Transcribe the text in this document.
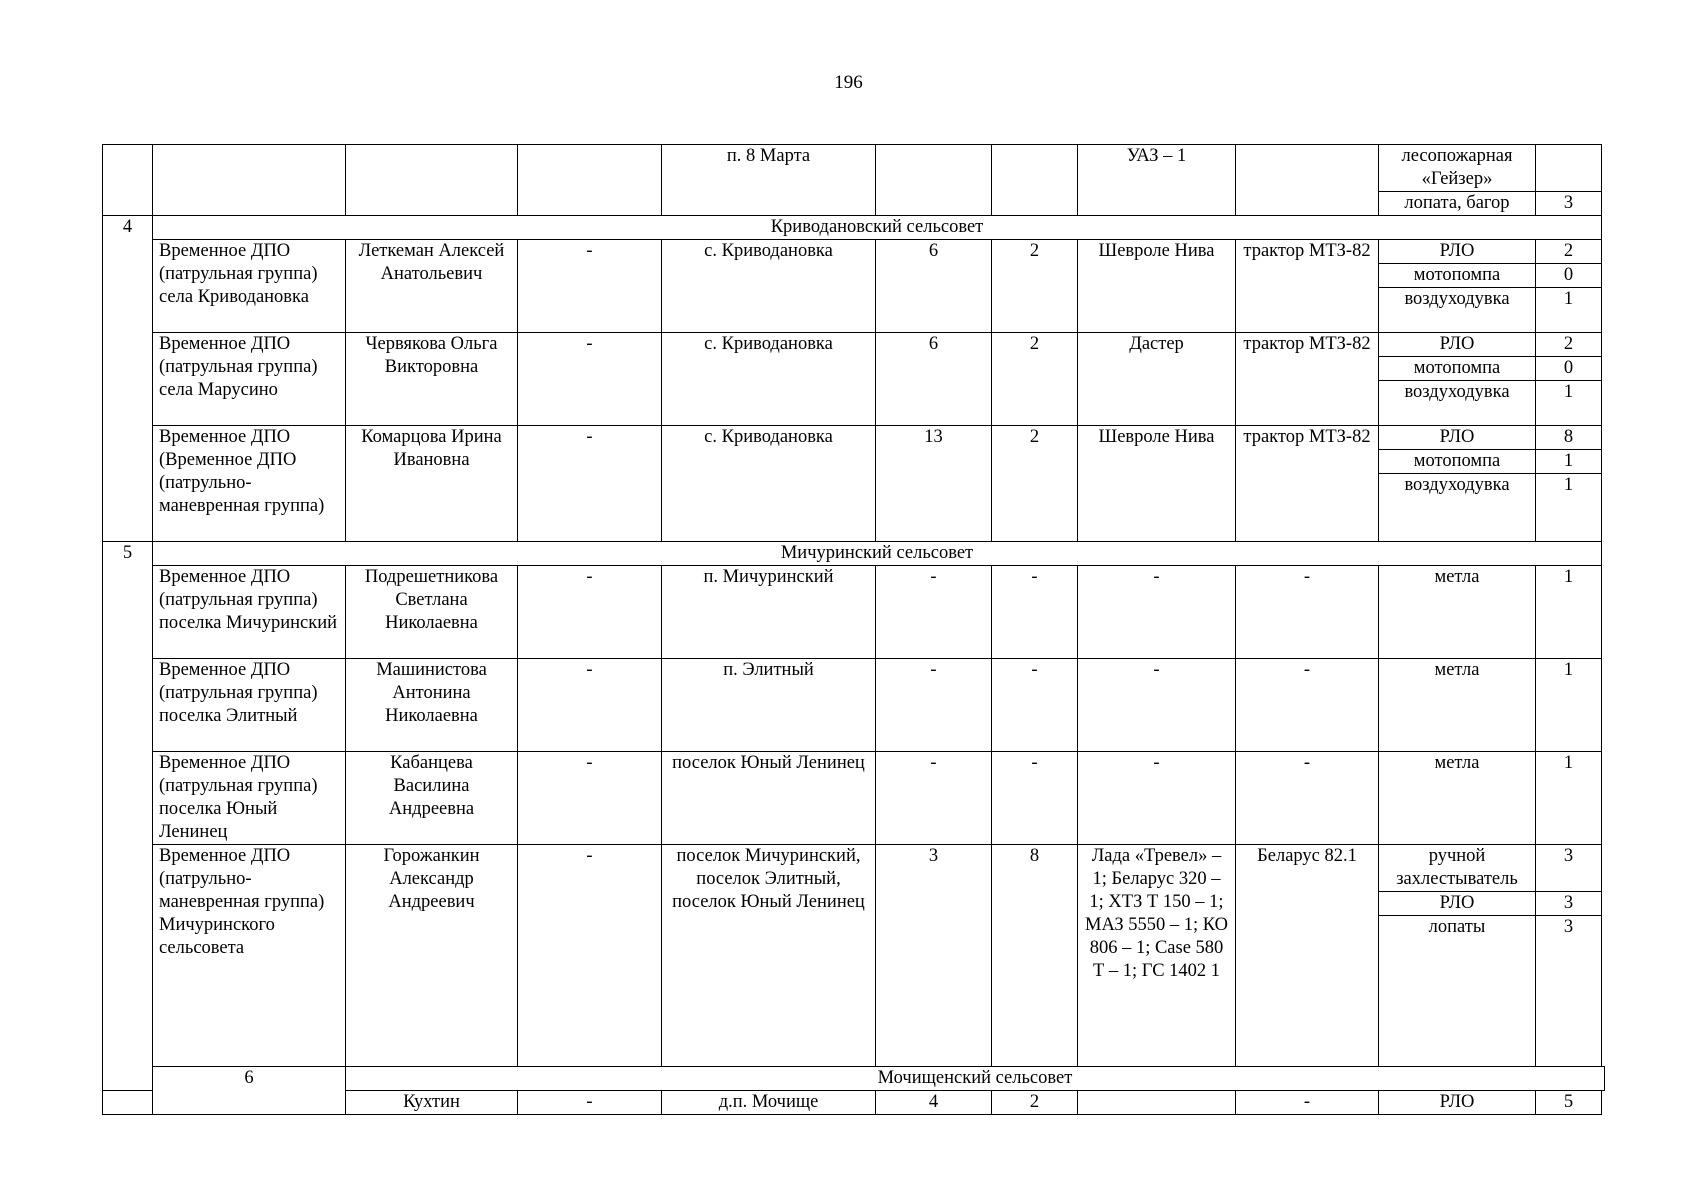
196
				п. 8 Марта			УАЗ – 1		лесопожарная «Гейзер»	
									лопата, багор	3
4	Криводановский сельсовет									
	Временное ДПО (патрульная группа) села Криводановка	Леткеман Алексей Анатольевич	-	с. Криводановка	6	2	Шевроле Нива	трактор МТЗ-82	РЛО	2
									мотопомпа	0
									воздуходувка	1
	Временное ДПО (патрульная группа) села Марусино	Червякова Ольга Викторовна	-	с. Криводановка	6	2	Дастер	трактор МТЗ-82	РЛО	2
									мотопомпа	0
									воздуходувка	1
	Временное ДПО (Временное ДПО (патрульно-маневренная группа)	Комарцова Ирина Ивановна	-	с. Криводановка	13	2	Шевроле Нива	трактор МТЗ-82	РЛО	8
									мотопомпа	1
									воздуходувка	1
5	Мичуринский сельсовет									
	Временное ДПО (патрульная группа) поселка Мичуринский	Подрешетникова Светлана Николаевна	-	п. Мичуринский	-	-	-	-	метла	1
	Временное ДПО (патрульная группа) поселка Элитный	Машинистова Антонина Николаевна	-	п. Элитный	-	-	-	-	метла	1
	Временное ДПО (патрульная группа) поселка Юный Ленинец	Кабанцева Василина Андреевна	-	поселок Юный Ленинец	-	-	-	-	метла	1
	Временное ДПО (патрульно-маневренная группа) Мичуринского сельсовета	Горожанкин Александр Андреевич	-	поселок Мичуринский, поселок Элитный, поселок Юный Ленинец	3	8	Лада «Тревел» – 1; Беларус 320 – 1; ХТЗ Т 150 – 1; МАЗ 5550 – 1; КО 806 – 1; Case 580 Т – 1; ГС 1402 1	Беларус 82.1	ручной захлестыватель	3
									РЛО	3
									лопаты	3
	6	Мочищенский сельсовет								
		Кухтин	-	д.п. Мочище	4	2		-	РЛО	5
